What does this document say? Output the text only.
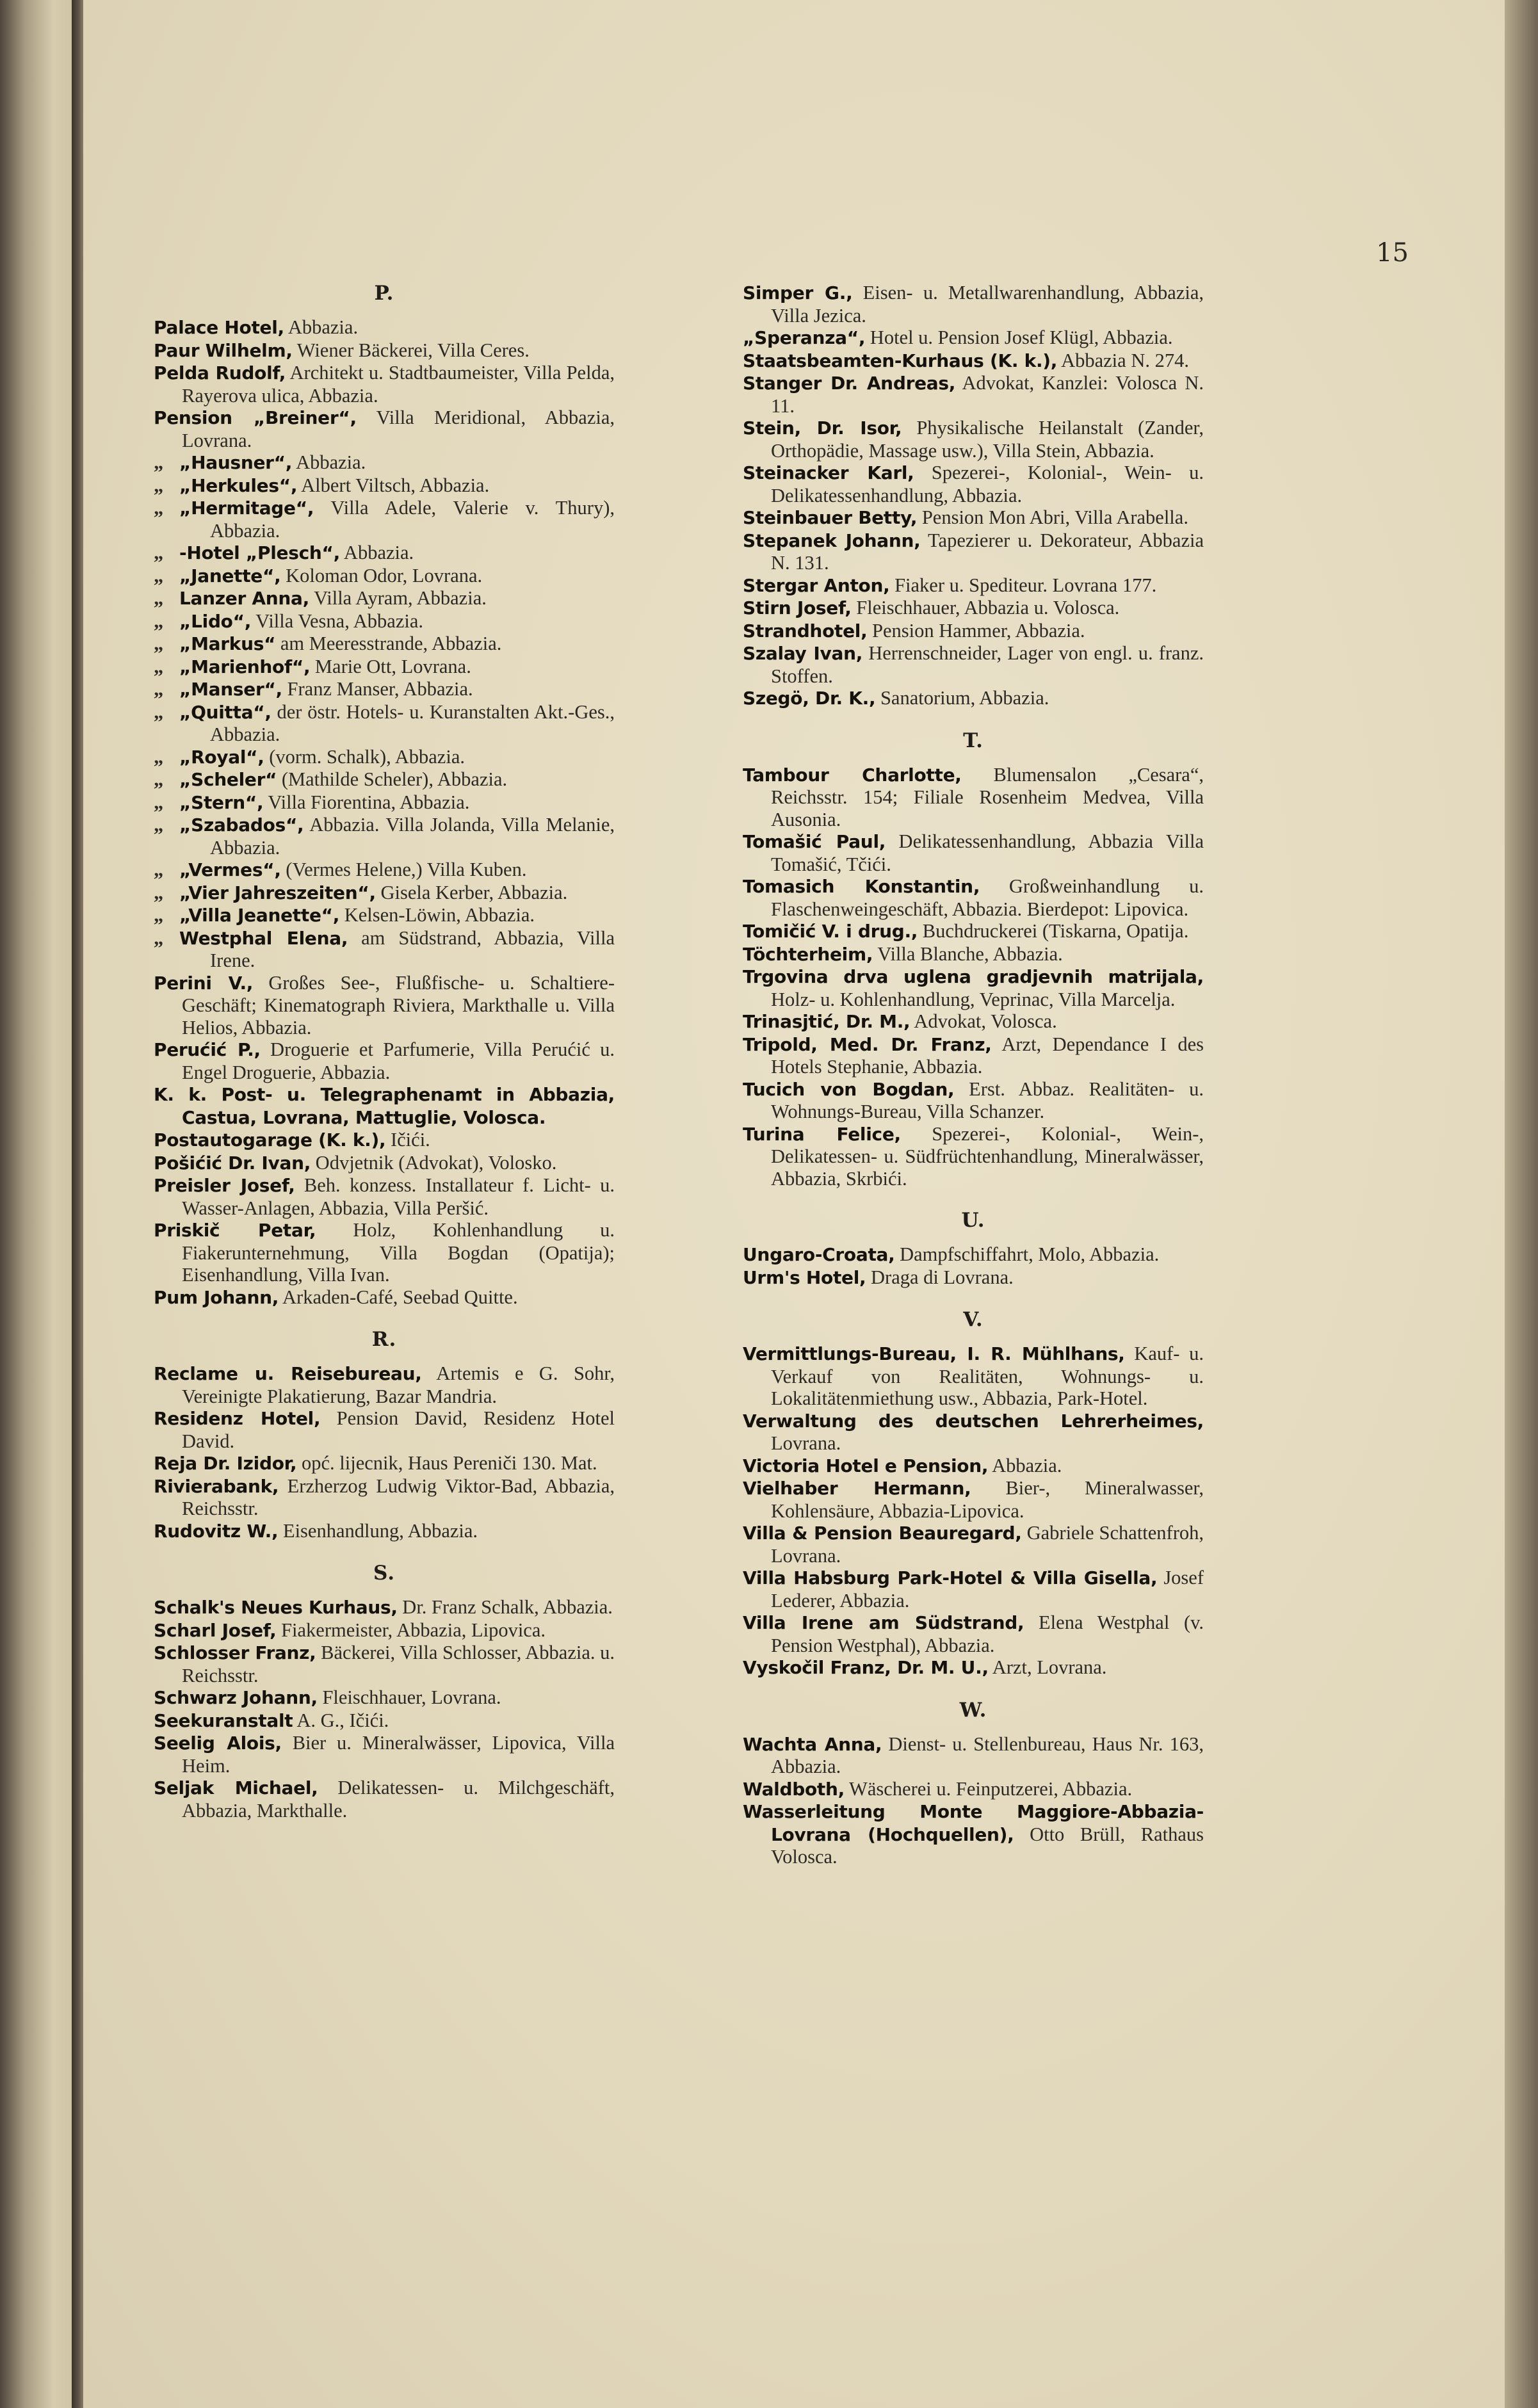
15
P.

Palace Hotel, Abbazia.

Paur Wilhelm, Wiener Bäckerei, Villa Ceres.

Pelda Rudolf, Architekt u. Stadtbaumeister, Villa Pelda, Rayerova ulica, Abbazia.

Pension „Breiner“, Villa Meridional, Abbazia, Lovrana.

„ „Hausner“, Abbazia.

„ „Herkules“, Albert Viltsch, Abbazia.

„ „Hermitage“, Villa Adele, Valerie v. Thury), Abbazia.

„ -Hotel „Plesch“, Abbazia.

„ „Janette“, Koloman Odor, Lovrana.

„ Lanzer Anna, Villa Ayram, Abbazia.

„ „Lido“, Villa Vesna, Abbazia.

„ „Markus“ am Meeresstrande, Abbazia.

„ „Marienhof“, Marie Ott, Lovrana.

„ „Manser“, Franz Manser, Abbazia.

„ „Quitta“, der östr. Hotels- u. Kuranstalten Akt.-Ges., Abbazia.

„ „Royal“, (vorm. Schalk), Abbazia.

„ „Scheler“ (Mathilde Scheler), Abbazia.

„ „Stern“, Villa Fiorentina, Abbazia.

„ „Szabados“, Abbazia. Villa Jolanda, Villa Melanie, Abbazia.

„ „Vermes“, (Vermes Helene,) Villa Kuben.

„ „Vier Jahreszeiten“, Gisela Kerber, Abbazia.

„ „Villa Jeanette“, Kelsen-Löwin, Abbazia.

„ Westphal Elena, am Südstrand, Abbazia, Villa Irene.

Perini V., Großes See-, Flußfische- u. Schaltiere-Geschäft; Kinematograph Riviera, Markthalle u. Villa Helios, Abbazia.

Perućić P., Droguerie et Parfumerie, Villa Perućić u. Engel Droguerie, Abbazia.

K. k. Post- u. Telegraphenamt in Abbazia, Castua, Lovrana, Mattuglie, Volosca.

Postautogarage (K. k.), Ičići.

Pošićić Dr. Ivan, Odvjetnik (Advokat), Volosko.

Preisler Josef, Beh. konzess. Installateur f. Licht- u. Wasser-Anlagen, Abbazia, Villa Peršić.

Priskič Petar, Holz, Kohlenhandlung u. Fiakerunternehmung, Villa Bogdan (Opatija); Eisenhandlung, Villa Ivan.

Pum Johann, Arkaden-Café, Seebad Quitte.

R.

Reclame u. Reisebureau, Artemis e G. Sohr, Vereinigte Plakatierung, Bazar Mandria.

Residenz Hotel, Pension David, Residenz Hotel David.

Reja Dr. Izidor, opć. lijecnik, Haus Pereniči 130. Mat.

Rivierabank, Erzherzog Ludwig Viktor-Bad, Abbazia, Reichsstr.

Rudovitz W., Eisenhandlung, Abbazia.

S.

Schalk's Neues Kurhaus, Dr. Franz Schalk, Abbazia.

Scharl Josef, Fiakermeister, Abbazia, Lipovica.

Schlosser Franz, Bäckerei, Villa Schlosser, Abbazia. u. Reichsstr.

Schwarz Johann, Fleischhauer, Lovrana.

Seekuranstalt A. G., Ičići.

Seelig Alois, Bier u. Mineralwässer, Lipovica, Villa Heim.

Seljak Michael, Delikatessen- u. Milchgeschäft, Abbazia, Markthalle.

Simper G., Eisen- u. Metallwarenhandlung, Abbazia, Villa Jezica.

„Speranza“, Hotel u. Pension Josef Klügl, Abbazia.

Staatsbeamten-Kurhaus (K. k.), Abbazia N. 274.

Stanger Dr. Andreas, Advokat, Kanzlei: Volosca N. 11.

Stein, Dr. Isor, Physikalische Heilanstalt (Zander, Orthopädie, Massage usw.), Villa Stein, Abbazia.

Steinacker Karl, Spezerei-, Kolonial-, Wein- u. Delikatessenhandlung, Abbazia.

Steinbauer Betty, Pension Mon Abri, Villa Arabella.

Stepanek Johann, Tapezierer u. Dekorateur, Abbazia N. 131.

Stergar Anton, Fiaker u. Spediteur. Lovrana 177.

Stirn Josef, Fleischhauer, Abbazia u. Volosca.

Strandhotel, Pension Hammer, Abbazia.

Szalay Ivan, Herrenschneider, Lager von engl. u. franz. Stoffen.

Szegö, Dr. K., Sanatorium, Abbazia.

T.

Tambour Charlotte, Blumensalon „Cesara“, Reichsstr. 154; Filiale Rosenheim Medvea, Villa Ausonia.

Tomašić Paul, Delikatessenhandlung, Abbazia Villa Tomašić, Tčići.

Tomasich Konstantin, Großweinhandlung u. Flaschenweingeschäft, Abbazia. Bierdepot: Lipovica.

Tomičić V. i drug., Buchdruckerei (Tiskarna, Opatija.

Töchterheim, Villa Blanche, Abbazia.

Trgovina drva uglena gradjevnih matrijala, Holz- u. Kohlenhandlung, Veprinac, Villa Marcelja.

Trinasjtić, Dr. M., Advokat, Volosca.

Tripold, Med. Dr. Franz, Arzt, Dependance I des Hotels Stephanie, Abbazia.

Tucich von Bogdan, Erst. Abbaz. Realitäten- u. Wohnungs-Bureau, Villa Schanzer.

Turina Felice, Spezerei-, Kolonial-, Wein-, Delikatessen- u. Südfrüchtenhandlung, Mineralwässer, Abbazia, Skrbići.

U.

Ungaro-Croata, Dampfschiffahrt, Molo, Abbazia.

Urm's Hotel, Draga di Lovrana.

V.

Vermittlungs-Bureau, I. R. Mühlhans, Kauf- u. Verkauf von Realitäten, Wohnungs- u. Lokalitätenmiethung usw., Abbazia, Park-Hotel.

Verwaltung des deutschen Lehrerheimes, Lovrana.

Victoria Hotel e Pension, Abbazia.

Vielhaber Hermann, Bier-, Mineralwasser, Kohlensäure, Abbazia-Lipovica.

Villa & Pension Beauregard, Gabriele Schattenfroh, Lovrana.

Villa Habsburg Park-Hotel & Villa Gisella, Josef Lederer, Abbazia.

Villa Irene am Südstrand, Elena Westphal (v. Pension Westphal), Abbazia.

Vyskočil Franz, Dr. M. U., Arzt, Lovrana.

W.

Wachta Anna, Dienst- u. Stellenbureau, Haus Nr. 163, Abbazia.

Waldboth, Wäscherei u. Feinputzerei, Abbazia.

Wasserleitung Monte Maggiore-Abbazia-Lovrana (Hochquellen), Otto Brüll, Rathaus Volosca.
